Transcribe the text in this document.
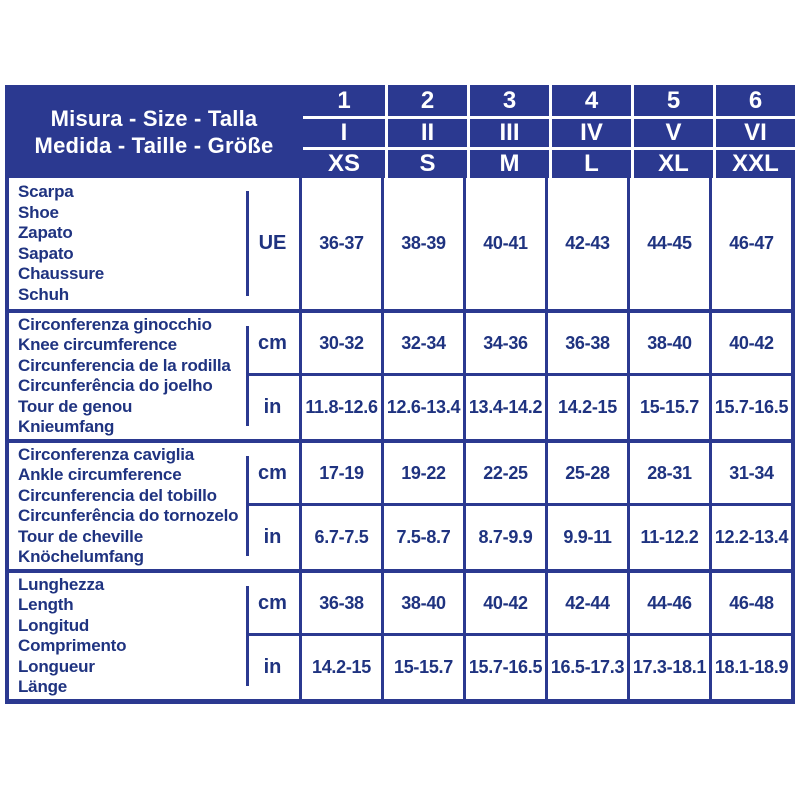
Misura - Size - Talla
Medida - Taille - Größe
1	2	3	4	5	6
I	II	III	IV	V	VI
XS	S	M	L	XL	XXL
Scarpa
Shoe
Zapato
Sapato
Chaussure
Schuh
UE	36-37	38-39	40-41	42-43	44-45	46-47
Circonferenza ginocchio
Knee circumference
Circunferencia de la rodilla
Circunferência do joelho
Tour de genou
Knieumfang
cm	30-32	32-34	34-36	36-38	38-40	40-42
in	11.8-12.6 12.6-13.4 13.4-14.2 14.2-15	15-15.7 15.7-16.5
Circonferenza caviglia
Ankle circumference
Circunferencia del tobillo
Circunferência do tornozelo
Tour de cheville
Knöchelumfang
cm	17-19	19-22	22-25	25-28	28-31	31-34
in	6.7-7.5	7.5-8.7	8.7-9.9	9.9-11	11-12.2 12.2-13.4
Lunghezza
Length
Longitud
Comprimento
Longueur
Länge
cm	36-38	38-40	40-42	42-44	44-46	46-48
in	14.2-15	15-15.7 15.7-16.5 16.5-17.3 17.3-18.1 18.1-18.9
